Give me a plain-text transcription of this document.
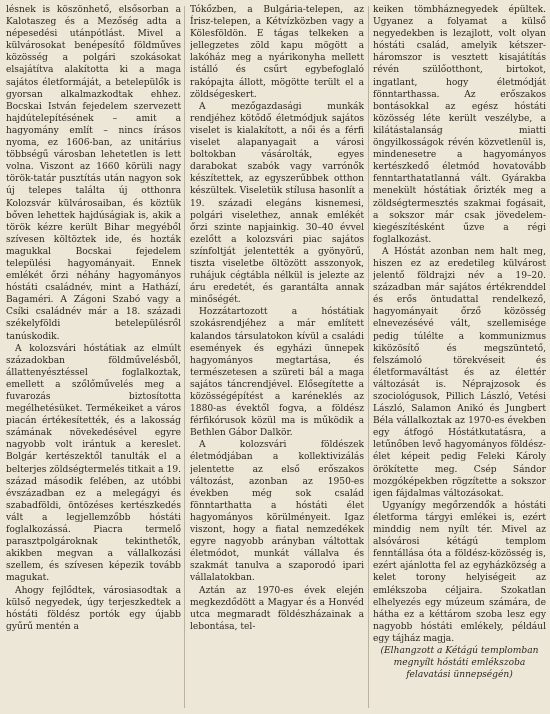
lésnek is köszönhető, elsősorban a Kalotaszeg és a Mezőség adta a népesedési utánpótlást. Mivel a külvárosokat benépesítő földműves közösség a polgári szokásokat elsajátítva alakította ki a maga sajátos életformáját, a betelepülők is gyorsan alkalmazkodtak ehhez. Bocskai István fejedelem szervezett hajdútelepítésének – amit a hagyomány említ – nincs írásos nyoma, ez 1606-ban, az unitárius többségű városban lehetetlen is lett volna. Viszont az 1660 körüli nagy török-tatár pusztítás után nagyon sok új telepes találta új otthonra Kolozsvár külvárosaiban, és köztük bőven lehettek hajdúságiak is, akik a török kézre került Bihar megyéből szívesen költöztek ide, és hozták magukkal Bocskai fejedelem települési hagyományait. Ennek emlékét őrzi néhány hagyományos hóstáti családnév, mint a Hathází, Bagaméri. A Zágoni Szabó vagy a Csíki családnév már a 18. századi székelyföldi betelepülésről tanúskodik.

A kolozsvári hóstátiak az elmúlt századokban földművelésből, állattenyésztéssel foglalkoztak, emellett a szőlőművelés meg a fuvarozás biztosította megélhetésüket. Termékeiket a város piacán értékesítették, és a lakosság számának növekedésével egyre nagyobb volt irántuk a kereslet. Bolgár kertészektől tanulták el a belterjes zöldségtermelés titkait a 19. század második felében, az utóbbi évszázadban ez a melegágyi és szabadföldi, öntözéses kertészkedés vált a legjellemzőbb hóstáti foglalkozássá. Piacra termelő parasztpolgároknak tekinthetők, akikben megvan a vállalkozási szellem, és szívesen képezik tovább magukat.

Ahogy fejlődtek, városiasodtak a külső negyedek, úgy terjeszkedtek a hóstáti földész portók egy újabb gyűrű mentén a

Tókőzben, a Bulgária-telepen, az Írisz-telepen, a Kétvízközben vagy a Kölesföldön. E tágas telkeken a jellegzetes zöld kapu mögött a lakóház meg a nyárikonyha mellett istálló és csűrt egybefoglaló rakópajta állott, mögötte terült el a zöldségeskert.

A mezőgazdasági munkák rendjéhez kötődő életmódjuk sajátos viselet is kialakított, a női és a férfi viselet alapanyagait a városi boltokban vásárolták, egyes darabokat szabók vagy varrónők készítettek, az egyszerűbbek otthon készültek. Viseletük stílusa hasonlít a 19. századi elegáns kisnemesi, polgári viselethez, annak emlékét őrzi szinte napjainkig. 30–40 évvel ezelőtt a kolozsvári piac sajátos színfoltját jelentették a gyönyörű, tiszta viseletbe öltözött asszonyok, ruhájuk cégtábla nélkül is jelezte az áru eredetét, és garantálta annak minőségét.

Hozzátartozott a hóstátiak szokásrendjéhez a már említett kalandos társulatokon kívül a családi események és egyházi ünnepek hagyományos megtartása, és természetesen a szüreti bál a maga sajátos táncrendjével. Elősegítette a közösségépítést a karéneklés az 1880-as évektől fogva, a földész férfikórusok közül ma is működik a Bethlen Gábor Dalkör.

A kolozsvári földészek életmódjában a kollektivizálás jelentette az első erőszakos változást, azonban az 1950-es években még sok család fönntarthatta a hóstáti élet hagyományos körülményeit. Igaz viszont, hogy a fiatal nemzedékek egyre nagyobb arányban váltottak életmódot, munkát vállalva és szakmát tanulva a szaporodó ipari vállalatokban.

Aztán az 1970-es évek elején megkezdődött a Magyar és a Honvéd utca megmaradt földészházainak a lebontása, tel-

keiken tömbháznegyedek épültek. Ugyanez a folyamat a külső negyedekben is lezajlott, volt olyan hóstáti család, amelyik kétszer-háromszor is vesztett kisajátítás révén szülőotthont, birtokot, ingatlant, hogy életmódját fönntarthassa. Az erőszakos bontásokkal az egész hóstáti közösség léte került veszélybe, a kilátástalanság miatti öngyilkosságok révén közvetlenül is, mindenesetre a hagyományos kertészkedő életmód hovatovább fenntarthatatlanná vált. Gyárakba menekült hóstátiak őrizték meg a zöldségtermesztés szakmai fogásait, a sokszor már csak jövedelem-kiegészítésként űzve a régi foglalkozást.

A Hóstát azonban nem halt meg, hiszen ez az eredetileg külvárost jelentő földrajzi név a 19–20. században már sajátos értékrenddel és erős öntudattal rendelkező, hagyományait őrző közösség elnevezésévé vált, szellemisége pedig túlélte a kommunizmus kiközösítő és megszüntető, felszámoló törekvéseit és életformaváltást és az élettér változását is. Néprajzosok és szociológusok, Pillich László, Vetési László, Salamon Anikó és Jungbert Béla vállalkoztak az 1970-es években egy átfogó Hóstátkutatásra, a letűnőben levő hagyományos földész-élet képeit pedig Feleki Károly örökítette meg. Csép Sándor mozgóképekben rögzítette a sokszor igen fájdalmas változásokat.

Ugyanígy megőrzendők a hóstáti életforma tárgyi emlékei is, ezért minddig nem nyílt tér. Mivel az alsóvárosi kétágú templom fenntállása óta a földész-közösség is, ezért ajánlotta fel az egyházközség a kelet torony helyiségeit az emlékszoba céljaira. Szokatlan elhelyezés egy múzeum számára, de hátha ez a kéttárom szoba lesz egy nagyobb hóstáti emlékely, például egy tájház magja.

(Elhangzott a Kétágú templomban megnyílt hóstáti emlékszoba felavatási ünnepségén)
